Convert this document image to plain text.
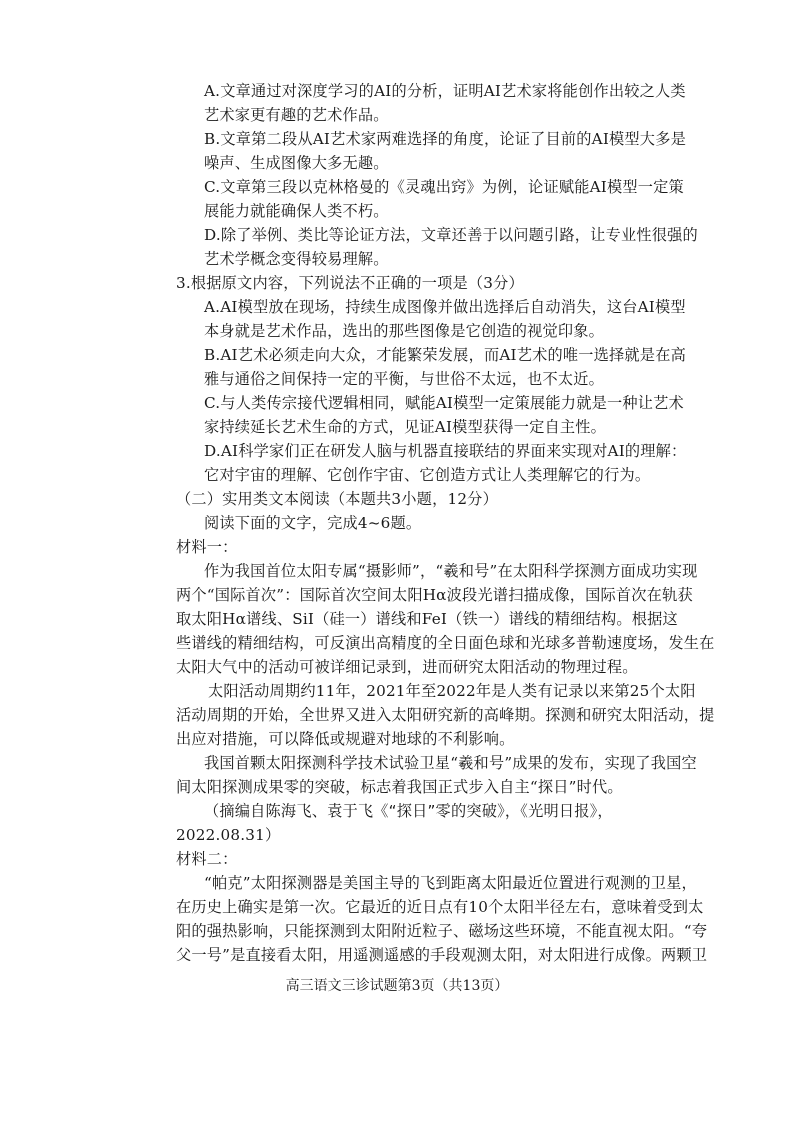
A.文章通过对深度学习的AI的分析，证明AI艺术家将能创作出较之人类
艺术家更有趣的艺术作品。
B.文章第二段从AI艺术家两难选择的角度，论证了目前的AI模型大多是
噪声、生成图像大多无趣。
C.文章第三段以克林格曼的《灵魂出窍》为例，论证赋能AI模型一定策
展能力就能确保人类不朽。
D.除了举例、类比等论证方法，文章还善于以问题引路，让专业性很强的
艺术学概念变得较易理解。
3.根据原文内容，下列说法不正确的一项是（3分）
A.AI模型放在现场，持续生成图像并做出选择后自动消失，这台AI模型
本身就是艺术作品，选出的那些图像是它创造的视觉印象。
B.AI艺术必须走向大众，才能繁荣发展，而AI艺术的唯一选择就是在高
雅与通俗之间保持一定的平衡，与世俗不太远，也不太近。
C.与人类传宗接代逻辑相同，赋能AI模型一定策展能力就是一种让艺术
家持续延长艺术生命的方式，见证AI模型获得一定自主性。
D.AI科学家们正在研发人脑与机器直接联结的界面来实现对AI的理解：
它对宇宙的理解、它创作宇宙、它创造方式让人类理解它的行为。
（二）实用类文本阅读（本题共3小题，12分）
阅读下面的文字，完成4~6题。
材料一：
作为我国首位太阳专属“摄影师”，“羲和号”在太阳科学探测方面成功实现
两个“国际首次”：国际首次空间太阳Hα波段光谱扫描成像，国际首次在轨获
取太阳Hα谱线、SiⅠ（硅一）谱线和FeⅠ（铁一）谱线的精细结构。根据这
些谱线的精细结构，可反演出高精度的全日面色球和光球多普勒速度场，发生在
太阳大气中的活动可被详细记录到，进而研究太阳活动的物理过程。
太阳活动周期约11年，2021年至2022年是人类有记录以来第25个太阳
活动周期的开始，全世界又进入太阳研究新的高峰期。探测和研究太阳活动，提
出应对措施，可以降低或规避对地球的不利影响。
我国首颗太阳探测科学技术试验卫星“羲和号”成果的发布，实现了我国空
间太阳探测成果零的突破，标志着我国正式步入自主“探日”时代。
（摘编自陈海飞、袁于飞《“探日”零的突破》，《光明日报》，
2022.08.31）
材料二：
“帕克”太阳探测器是美国主导的飞到距离太阳最近位置进行观测的卫星，
在历史上确实是第一次。它最近的近日点有10个太阳半径左右，意味着受到太
阳的强热影响，只能探测到太阳附近粒子、磁场这些环境，不能直视太阳。“夸
父一号”是直接看太阳，用遥测遥感的手段观测太阳，对太阳进行成像。两颗卫
高三语文三诊试题第3页（共13页）
